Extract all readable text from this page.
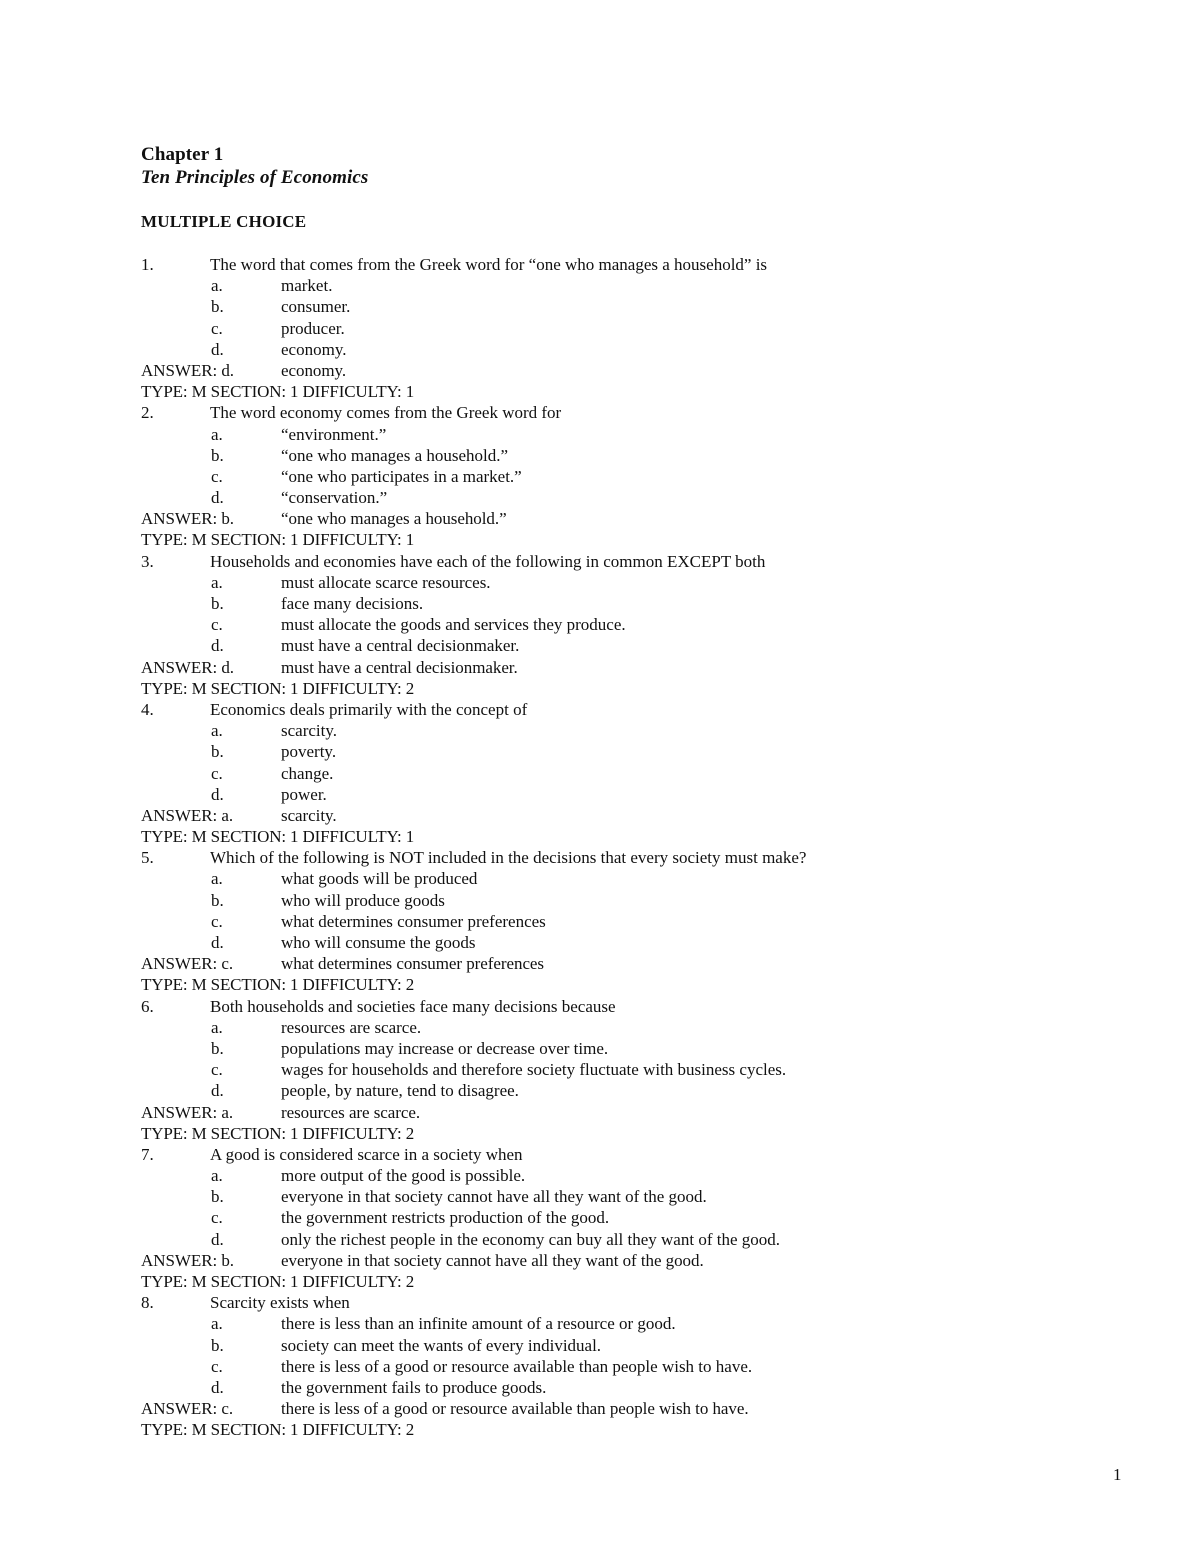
Chapter 1
Ten Principles of Economics
MULTIPLE CHOICE
1.	The word that comes from the Greek word for “one who manages a household” is
a.	market.
b.	consumer.
c.	producer.
d.	economy.
ANSWER: d.	economy.
TYPE: M SECTION: 1 DIFFICULTY: 1
2.	The word economy comes from the Greek word for
a.	“environment.”
b.	“one who manages a household.”
c.	“one who participates in a market.”
d.	“conservation.”
ANSWER: b.	“one who manages a household.”
TYPE: M SECTION: 1 DIFFICULTY: 1
3.	Households and economies have each of the following in common EXCEPT both
a.	must allocate scarce resources.
b.	face many decisions.
c.	must allocate the goods and services they produce.
d.	must have a central decisionmaker.
ANSWER: d.	must have a central decisionmaker.
TYPE: M SECTION: 1 DIFFICULTY: 2
4.	Economics deals primarily with the concept of
a.	scarcity.
b.	poverty.
c.	change.
d.	power.
ANSWER: a.	scarcity.
TYPE: M SECTION: 1 DIFFICULTY: 1
5.	Which of the following is NOT included in the decisions that every society must make?
a.	what goods will be produced
b.	who will produce goods
c.	what determines consumer preferences
d.	who will consume the goods
ANSWER: c.	what determines consumer preferences
TYPE: M SECTION: 1 DIFFICULTY: 2
6.	Both households and societies face many decisions because
a.	resources are scarce.
b.	populations may increase or decrease over time.
c.	wages for households and therefore society fluctuate with business cycles.
d.	people, by nature, tend to disagree.
ANSWER: a.	resources are scarce.
TYPE: M SECTION: 1 DIFFICULTY: 2
7.	A good is considered scarce in a society when
a.	more output of the good is possible.
b.	everyone in that society cannot have all they want of the good.
c.	the government restricts production of the good.
d.	only the richest people in the economy can buy all they want of the good.
ANSWER: b.	everyone in that society cannot have all they want of the good.
TYPE: M SECTION: 1 DIFFICULTY: 2
8.	Scarcity exists when
a.	there is less than an infinite amount of a resource or good.
b.	society can meet the wants of every individual.
c.	there is less of a good or resource available than people wish to have.
d.	the government fails to produce goods.
ANSWER: c.	there is less of a good or resource available than people wish to have.
TYPE: M SECTION: 1 DIFFICULTY: 2
1
